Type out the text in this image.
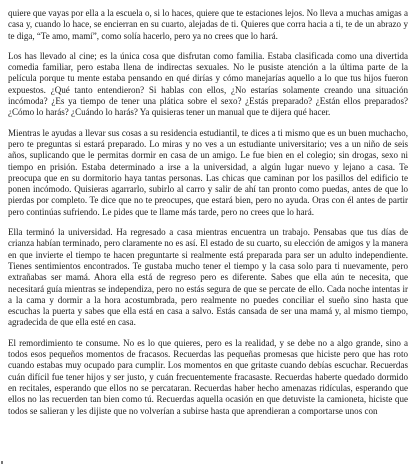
quiere que vayas por ella a la escuela o, si lo haces, quiere que te estaciones lejos. No lleva a muchas amigas a casa y, cuando lo hace, se encierran en su cuarto, alejadas de ti. Quieres que corra hacia a ti, te de un abrazo y te diga, “Te amo, mamí”, como solía hacerlo, pero ya no crees que lo hará.

Los has llevado al cine; es la única cosa que disfrutan como familia. Estaba clasificada como una divertida comedia familiar, pero estaba llena de indirectas sexuales. No le pusiste atención a la última parte de la película porque tu mente estaba pensando en qué dirías y cómo manejarías aquello a lo que tus hijos fueron expuestos. ¿Qué tanto entendieron? Si hablas con ellos, ¿No estarías solamente creando una situación incómoda? ¿Es ya tiempo de tener una plática sobre el sexo? ¿Estás preparado? ¿Están ellos preparados? ¿Cómo lo harás? ¿Cuándo lo harás? Ya quisieras tener un manual que te dijera qué hacer.

Mientras le ayudas a llevar sus cosas a su residencia estudiantil, te dices a ti mismo que es un buen muchacho, pero te preguntas si estará preparado. Lo miras y no ves a un estudiante universitario; ves a un niño de seis años, suplicando que le permitas dormir en casa de un amigo. Le fue bien en el colegio; sin drogas, sexo ni tiempo en prisión. Estaba determinado a irse a la universidad, a algún lugar nuevo y lejano a casa. Te preocupa que en su dormitorio haya tantas personas. Las chicas que caminan por los pasillos del edificio te ponen incómodo. Quisieras agarrarlo, subirlo al carro y salir de ahí tan pronto como puedas, antes de que lo pierdas por completo. Te dice que no te preocupes, que estará bien, pero no ayuda. Oras con él antes de partir pero continúas sufriendo. Le pides que te llame más tarde, pero no crees que lo hará.

Ella terminó la universidad. Ha regresado a casa mientras encuentra un trabajo. Pensabas que tus días de crianza habían terminado, pero claramente no es así. El estado de su cuarto, su elección de amigos y la manera en que invierte el tiempo te hacen preguntarte si realmente está preparada para ser un adulto independiente. Tienes sentimientos encontrados. Te gustaba mucho tener el tiempo y la casa solo para ti nuevamente, pero extrañabas ser mamá. Ahora ella está de regreso pero es diferente. Sabes que ella aún te necesita, que necesitará guía mientras se independiza, pero no estás segura de que se percate de ello. Cada noche intentas ir a la cama y dormir a la hora acostumbrada, pero realmente no puedes conciliar el sueño sino hasta que escuchas la puerta y sabes que ella está en casa a salvo. Estás cansada de ser una mamá y, al mismo tiempo, agradecida de que ella esté en casa.

El remordimiento te consume. No es lo que quieres, pero es la realidad, y se debe no a algo grande, sino a todos esos pequeños momentos de fracasos. Recuerdas las pequeñas promesas que hiciste pero que has roto cuando estabas muy ocupado para cumplir. Los momentos en que gritaste cuando debías escuchar. Recuerdas cuán difícil fue tener hijos y ser justo, y cuán frecuentemente fracasaste. Recuerdas haberte quedado dormido en recitales, esperando que ellos no se percataran. Recuerdas haber hecho amenazas ridículas, esperando que ellos no las recuerden tan bien como tú. Recuerdas aquella ocasión en que detuviste la camioneta, hiciste que todos se salieran y les dijiste que no volverían a subirse hasta que aprendieran a comportarse unos con
